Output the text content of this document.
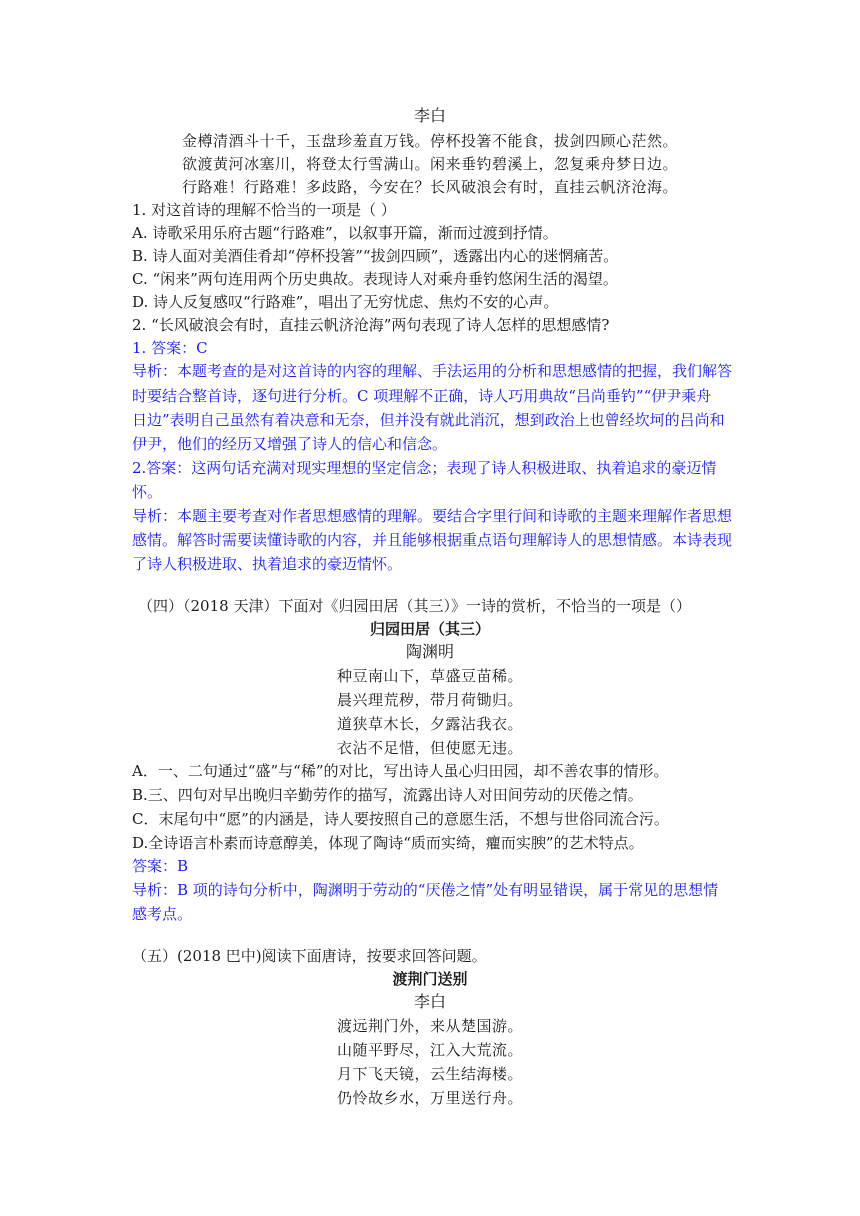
李白
金樽清酒斗十千，玉盘珍羞直万钱。停杯投箸不能食，拔剑四顾心茫然。
欲渡黄河冰塞川，将登太行雪满山。闲来垂钓碧溪上，忽复乘舟梦日边。
行路难！行路难！多歧路，今安在？长风破浪会有时，直挂云帆济沧海。
1. 对这首诗的理解不恰当的一项是（ ）
A. 诗歌采用乐府古题“行路难”，以叙事开篇，渐而过渡到抒情。
B. 诗人面对美酒佳肴却“停杯投箸”“拔剑四顾”，透露出内心的迷惘痛苦。
C. “闲来”两句连用两个历史典故。表现诗人对乘舟垂钓悠闲生活的渴望。
D. 诗人反复感叹“行路难”，唱出了无穷忧虑、焦灼不安的心声。
2. “长风破浪会有时，直挂云帆济沧海”两句表现了诗人怎样的思想感情?
1. 答案：C
导析：本题考查的是对这首诗的内容的理解、手法运用的分析和思想感情的把握，我们解答
时要结合整首诗，逐句进行分析。C 项理解不正确，诗人巧用典故“吕尚垂钓”“伊尹乘舟
日边”表明自己虽然有着决意和无奈，但并没有就此消沉，想到政治上也曾经坎坷的吕尚和
伊尹，他们的经历又增强了诗人的信心和信念。
2.答案：这两句话充满对现实理想的坚定信念；表现了诗人积极进取、执着追求的豪迈情
怀。
导析：本题主要考查对作者思想感情的理解。要结合字里行间和诗歌的主题来理解作者思想
感情。解答时需要读懂诗歌的内容，并且能够根据重点语句理解诗人的思想情感。本诗表现
了诗人积极进取、执着追求的豪迈情怀。
（四）（2018 天津）下面对《归园田居（其三）》一诗的赏析，不恰当的一项是（）
归园田居（其三）
陶渊明
种豆南山下，草盛豆苗稀。
晨兴理荒秽，带月荷锄归。
道狭草木长，夕露沾我衣。
衣沾不足惜，但使愿无违。
A．一、二句通过“盛”与“稀”的对比，写出诗人虽心归田园，却不善农事的情形。
B.三、四句对早出晚归辛勤劳作的描写，流露出诗人对田间劳动的厌倦之情。
C．末尾句中“愿”的内涵是，诗人要按照自己的意愿生活，不想与世俗同流合污。
D.全诗语言朴素而诗意醇美，体现了陶诗“质而实绮，癯而实腴”的艺术特点。
答案：B
导析：B 项的诗句分析中，陶渊明于劳动的“厌倦之情”处有明显错误，属于常见的思想情
感考点。
（五）(2018 巴中)阅读下面唐诗，按要求回答问题。
渡荆门送别
李白
渡远荆门外，来从楚国游。
山随平野尽，江入大荒流。
月下飞天镜，云生结海楼。
仍怜故乡水，万里送行舟。
